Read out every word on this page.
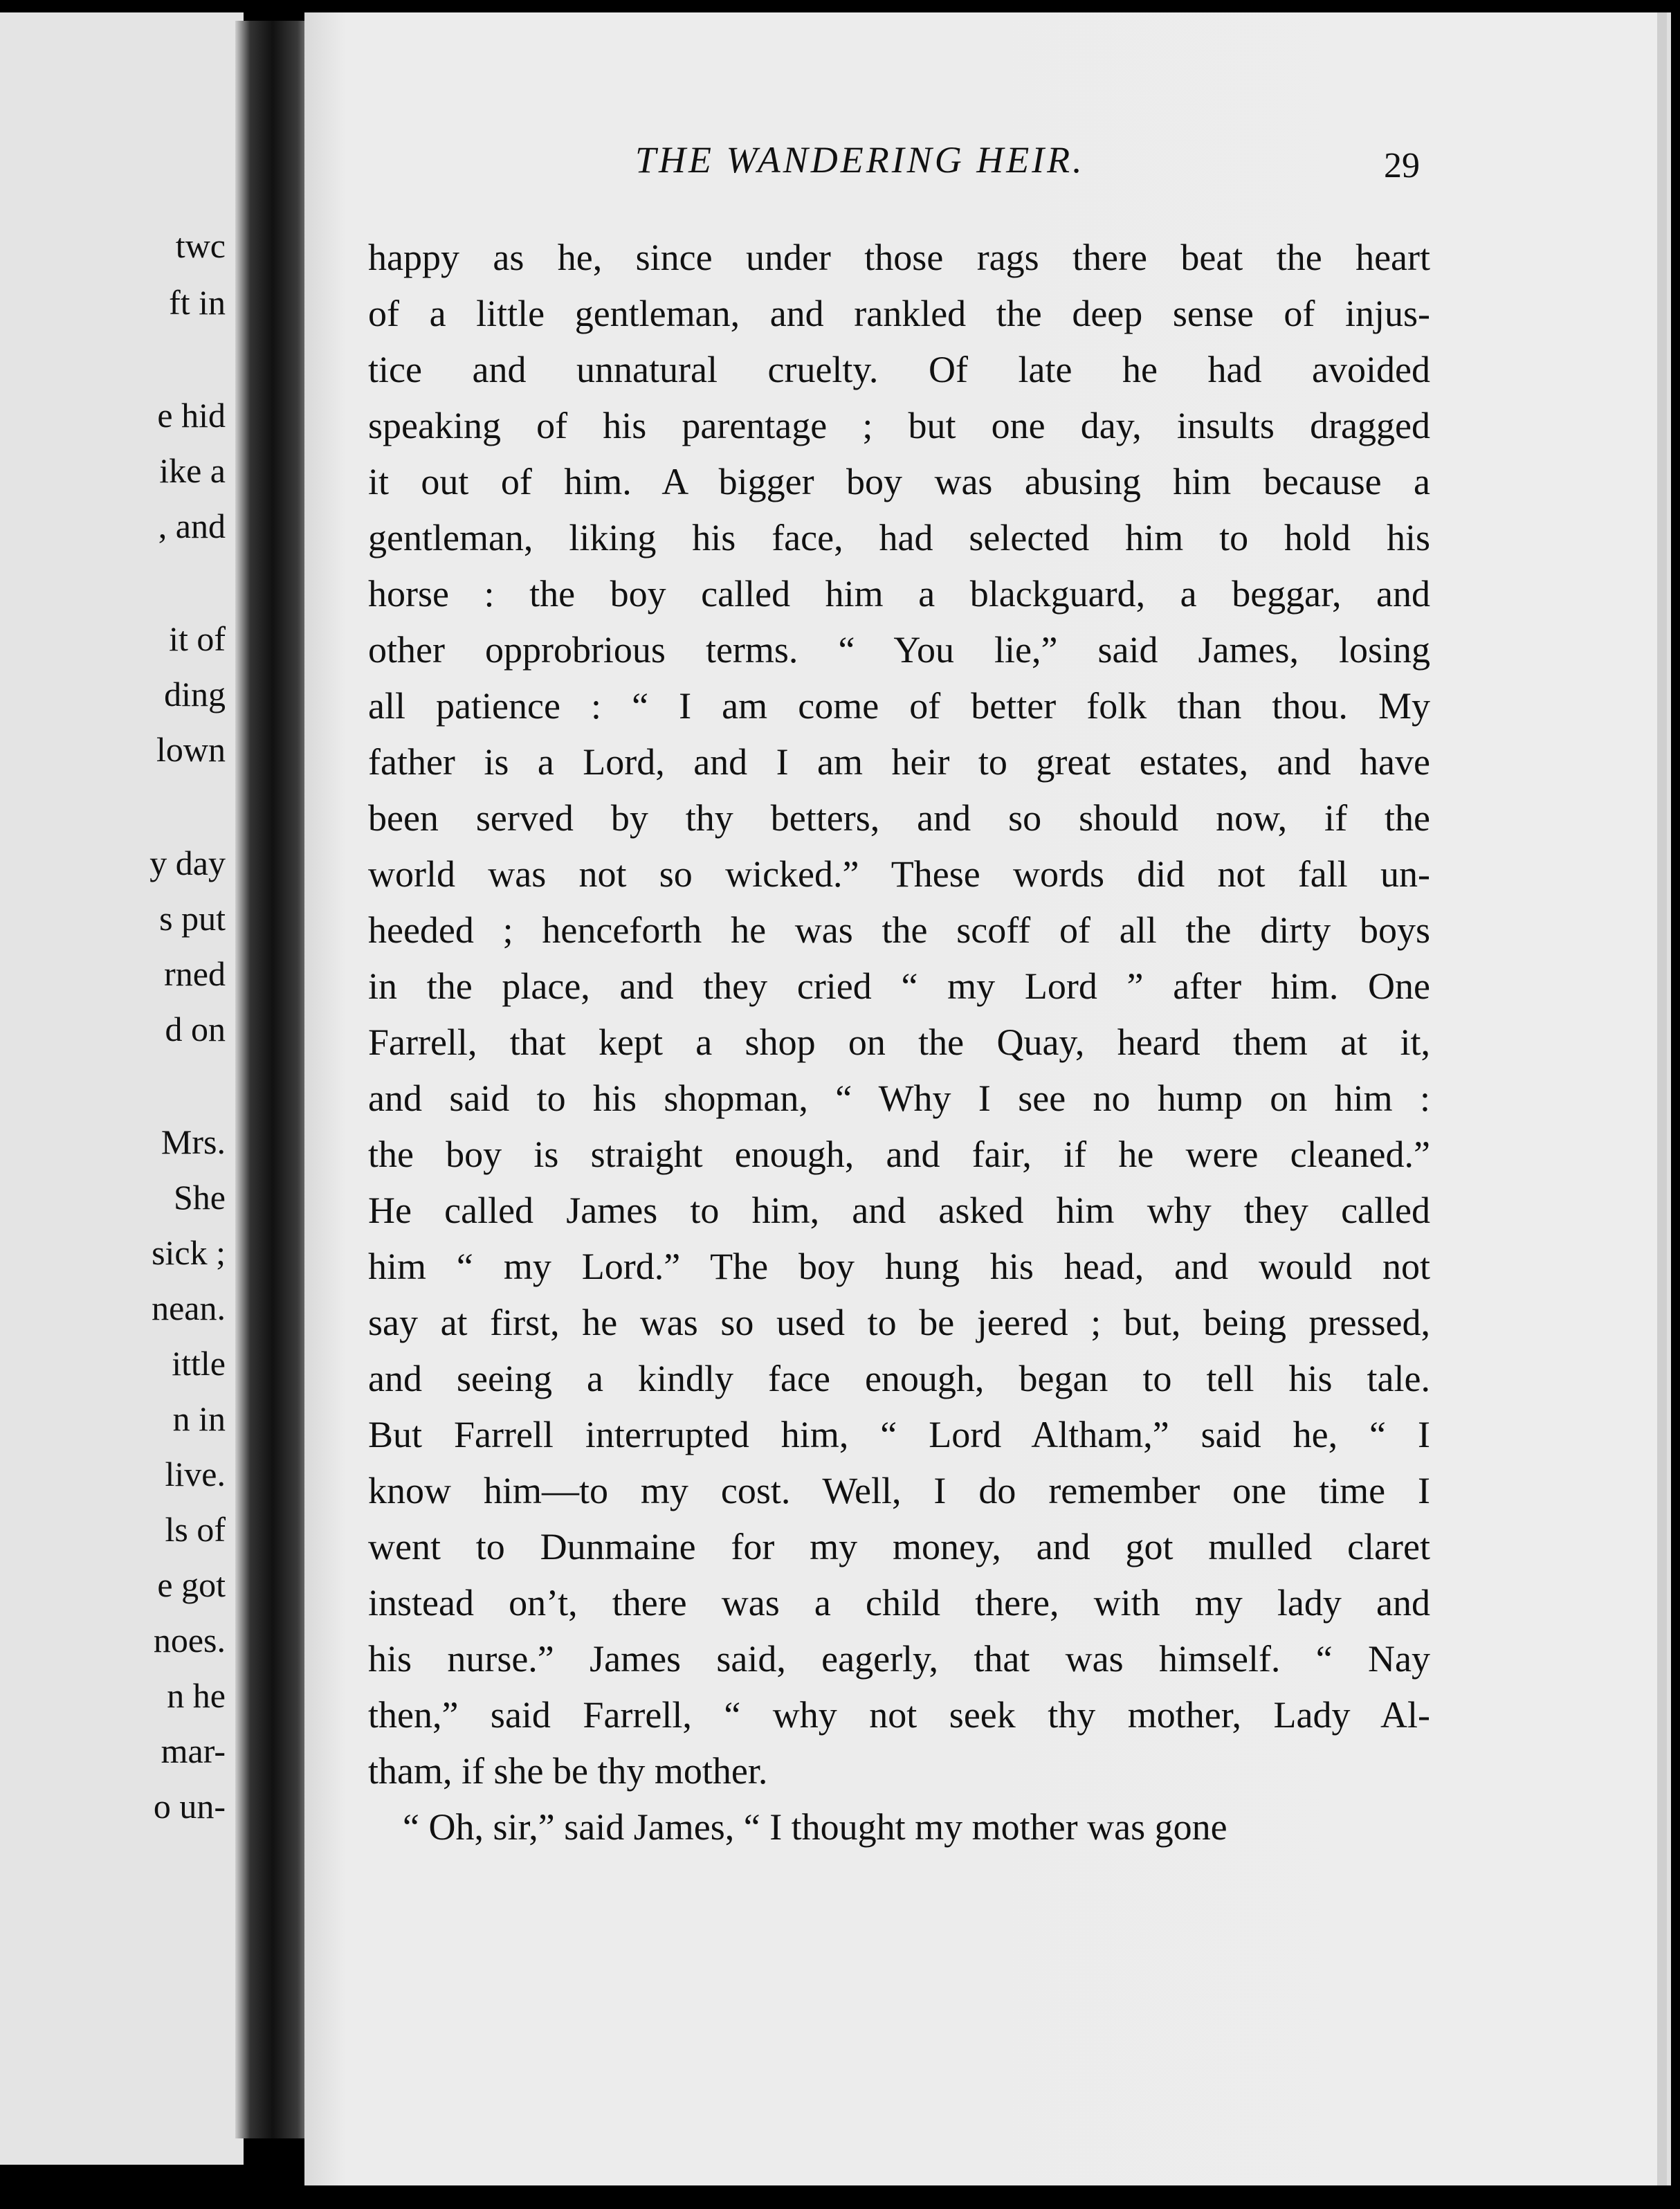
twc
ft in
e hid
ike a
, and
it of
ding
lown
y day
s put
rned
d on
Mrs.
She
sick ;
nean.
ittle
n in
live.
ls of
e got
noes.
n he
mar-
o un-
THE WANDERING HEIR.	29
happy as he, since under those rags there beat the heart
of a little gentleman, and rankled the deep sense of injus-
tice and unnatural cruelty. Of late he had avoided
speaking of his parentage ; but one day, insults dragged
it out of him. A bigger boy was abusing him because a
gentleman, liking his face, had selected him to hold his
horse : the boy called him a blackguard, a beggar, and
other opprobrious terms. “ You lie,” said James, losing
all patience : “ I am come of better folk than thou. My
father is a Lord, and I am heir to great estates, and have
been served by thy betters, and so should now, if the
world was not so wicked.” These words did not fall un-
heeded ; henceforth he was the scoff of all the dirty boys
in the place, and they cried “ my Lord ” after him. One
Farrell, that kept a shop on the Quay, heard them at it,
and said to his shopman, “ Why I see no hump on him :
the boy is straight enough, and fair, if he were cleaned.”
He called James to him, and asked him why they called
him “ my Lord.” The boy hung his head, and would not
say at first, he was so used to be jeered ; but, being pressed,
and seeing a kindly face enough, began to tell his tale.
But Farrell interrupted him, “ Lord Altham,” said he, “ I
know him—to my cost. Well, I do remember one time I
went to Dunmaine for my money, and got mulled claret
instead on’t, there was a child there, with my lady and
his nurse.” James said, eagerly, that was himself. “ Nay
then,” said Farrell, “ why not seek thy mother, Lady Al-
tham, if she be thy mother.
“ Oh, sir,” said James, “ I thought my mother was gone
